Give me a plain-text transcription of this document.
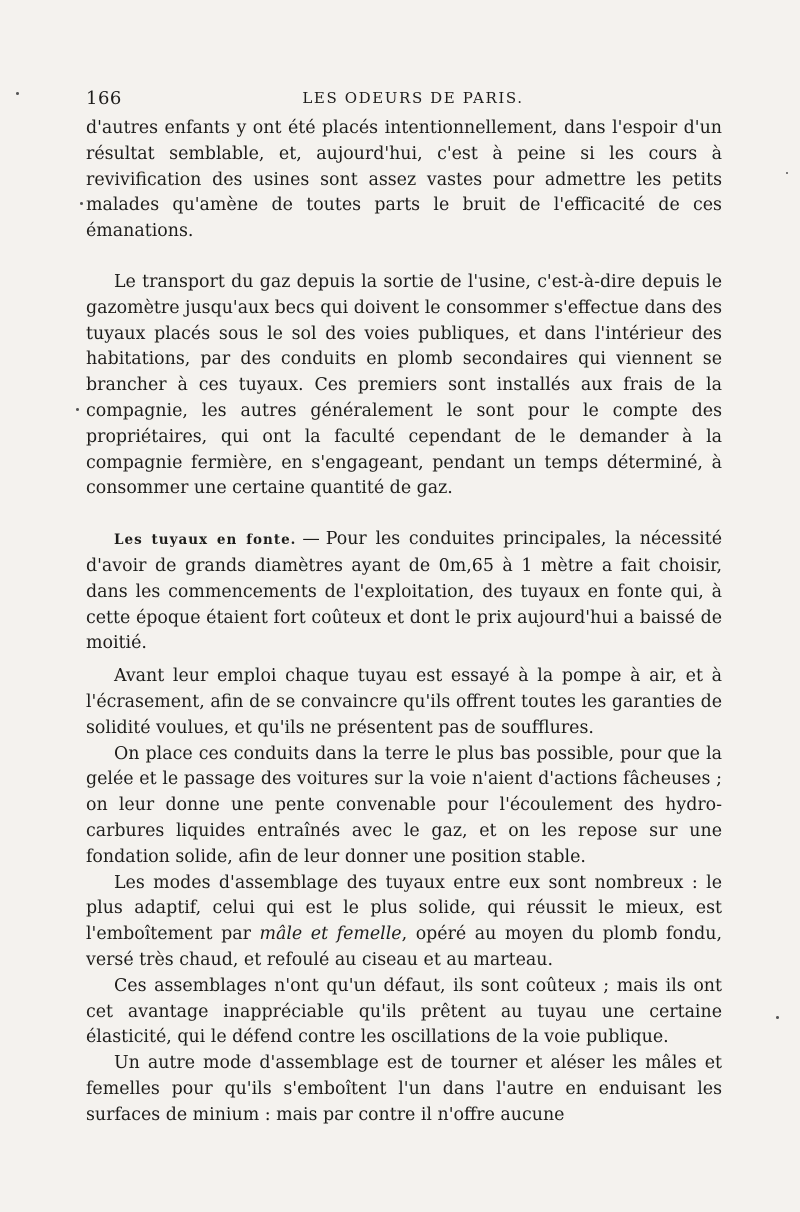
166	LES ODEURS DE PARIS.

d'autres enfants y ont été placés intentionnellement, dans l'espoir d'un résultat semblable, et, aujourd'hui, c'est à peine si les cours à revivification des usines sont assez vastes pour admettre les petits malades qu'amène de toutes parts le bruit de l'efficacité de ces émanations.

Le transport du gaz depuis la sortie de l'usine, c'est-à-dire depuis le gazomètre jusqu'aux becs qui doivent le consommer s'effectue dans des tuyaux placés sous le sol des voies publiques, et dans l'intérieur des habitations, par des conduits en plomb secondaires qui viennent se brancher à ces tuyaux. Ces premiers sont installés aux frais de la compagnie, les autres généralement le sont pour le compte des propriétaires, qui ont la faculté cependant de le demander à la compagnie fermière, en s'engageant, pendant un temps déterminé, à consommer une certaine quantité de gaz.

Les tuyaux en fonte. — Pour les conduites principales, la nécessité d'avoir de grands diamètres ayant de 0m,65 à 1 mètre a fait choisir, dans les commencements de l'exploitation, des tuyaux en fonte qui, à cette époque étaient fort coûteux et dont le prix aujourd'hui a baissé de moitié.

Avant leur emploi chaque tuyau est essayé à la pompe à air, et à l'écrasement, afin de se convaincre qu'ils offrent toutes les garanties de solidité voulues, et qu'ils ne présentent pas de soufflures.

On place ces conduits dans la terre le plus bas possible, pour que la gelée et le passage des voitures sur la voie n'aient d'actions fâcheuses ; on leur donne une pente convenable pour l'écoulement des hydro-carbures liquides entraînés avec le gaz, et on les repose sur une fondation solide, afin de leur donner une position stable.

Les modes d'assemblage des tuyaux entre eux sont nombreux : le plus adaptif, celui qui est le plus solide, qui réussit le mieux, est l'emboîtement par mâle et femelle, opéré au moyen du plomb fondu, versé très chaud, et refoulé au ciseau et au marteau.

Ces assemblages n'ont qu'un défaut, ils sont coûteux ; mais ils ont cet avantage inappréciable qu'ils prêtent au tuyau une certaine élasticité, qui le défend contre les oscillations de la voie publique.

Un autre mode d'assemblage est de tourner et aléser les mâles et femelles pour qu'ils s'emboîtent l'un dans l'autre en enduisant les surfaces de minium : mais par contre il n'offre aucune
